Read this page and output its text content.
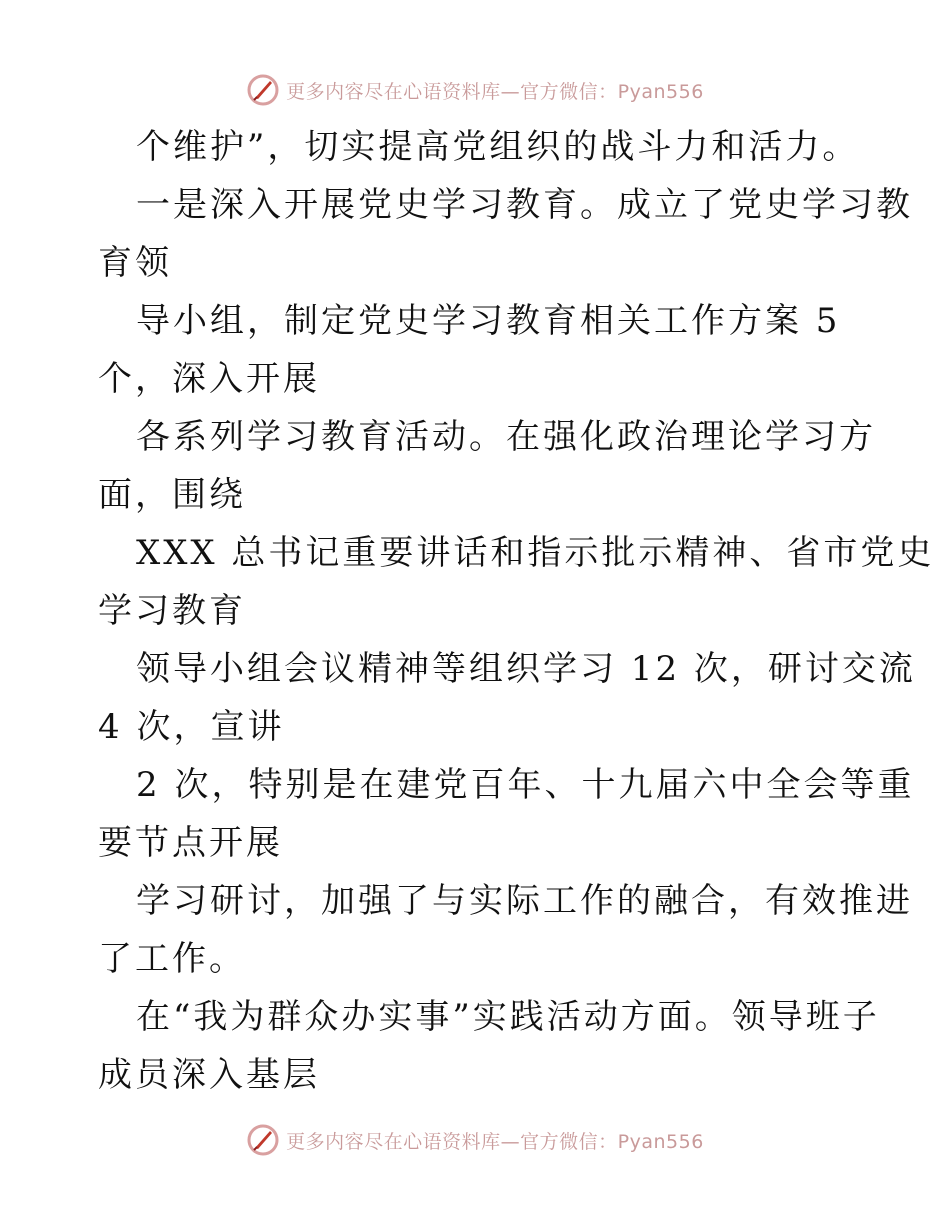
更多内容尽在心语资料库—官方微信：Pyan556
个维护”，切实提高党组织的战斗力和活力。
一是深入开展党史学习教育。成立了党史学习教
育领
导小组，制定党史学习教育相关工作方案 5
个，深入开展
各系列学习教育活动。在强化政治理论学习方
面，围绕
XXX 总书记重要讲话和指示批示精神、省市党史
学习教育
领导小组会议精神等组织学习 12 次，研讨交流
4 次，宣讲
2 次，特别是在建党百年、十九届六中全会等重
要节点开展
学习研讨，加强了与实际工作的融合，有效推进
了工作。
在“我为群众办实事”实践活动方面。领导班子
成员深入基层
更多内容尽在心语资料库—官方微信：Pyan556
